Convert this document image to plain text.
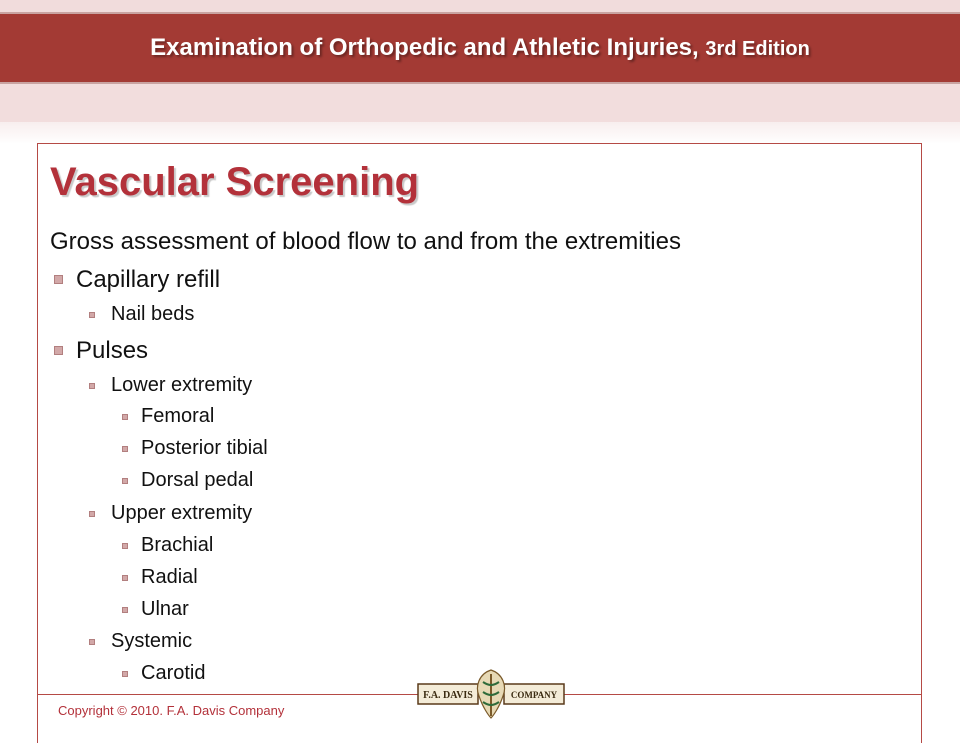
Examination of Orthopedic and Athletic Injuries, 3rd Edition
Vascular Screening
Gross assessment of blood flow to and from the extremities
Capillary refill
Nail beds
Pulses
Lower extremity
Femoral
Posterior tibial
Dorsal pedal
Upper extremity
Brachial
Radial
Ulnar
Systemic
Carotid
Copyright © 2010. F.A. Davis Company
F.A. DAVIS	COMPANY
